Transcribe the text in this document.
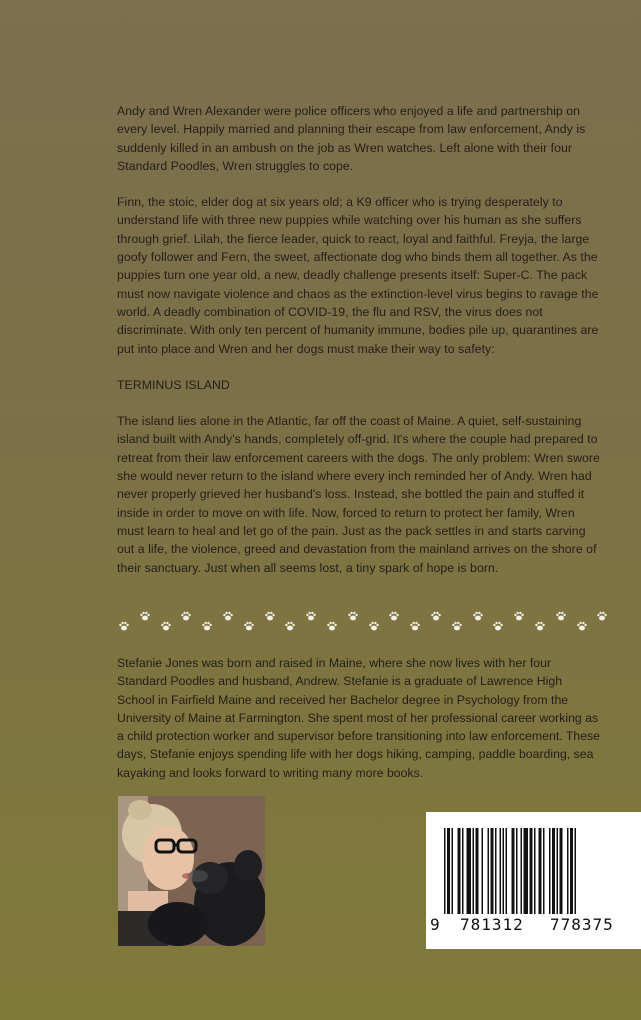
Andy and Wren Alexander were police officers who enjoyed a life and partnership on every level. Happily married and planning their escape from law enforcement, Andy is suddenly killed in an ambush on the job as Wren watches. Left alone with their four Standard Poodles, Wren struggles to cope.

Finn, the stoic, elder dog at six years old; a K9 officer who is trying desperately to understand life with three new puppies while watching over his human as she suffers through grief. Lilah, the fierce leader, quick to react, loyal and faithful. Freyja, the large goofy follower and Fern, the sweet, affectionate dog who binds them all together. As the puppies turn one year old, a new, deadly challenge presents itself: Super-C. The pack must now navigate violence and chaos as the extinction-level virus begins to ravage the world. A deadly combination of COVID-19, the flu and RSV, the virus does not discriminate. With only ten percent of humanity immune, bodies pile up, quarantines are put into place and Wren and her dogs must make their way to safety:

TERMINUS ISLAND

The island lies alone in the Atlantic, far off the coast of Maine. A quiet, self-sustaining island built with Andy's hands, completely off-grid. It's where the couple had prepared to retreat from their law enforcement careers with the dogs. The only problem: Wren swore she would never return to the island where every inch reminded her of Andy. Wren had never properly grieved her husband's loss. Instead, she bottled the pain and stuffed it inside in order to move on with life. Now, forced to return to protect her family, Wren must learn to heal and let go of the pain. Just as the pack settles in and starts carving out a life, the violence, greed and devastation from the mainland arrives on the shore of their sanctuary. Just when all seems lost, a tiny spark of hope is born.

Stefanie Jones was born and raised in Maine, where she now lives with her four Standard Poodles and husband, Andrew. Stefanie is a graduate of Lawrence High School in Fairfield Maine and received her Bachelor degree in Psychology from the University of Maine at Farmington. She spent most of her professional career working as a child protection worker and supervisor before transitioning into law enforcement. These days, Stefanie enjoys spending life with her dogs hiking, camping, paddle boarding, sea kayaking and looks forward to writing many more books.

9 781312 778375
